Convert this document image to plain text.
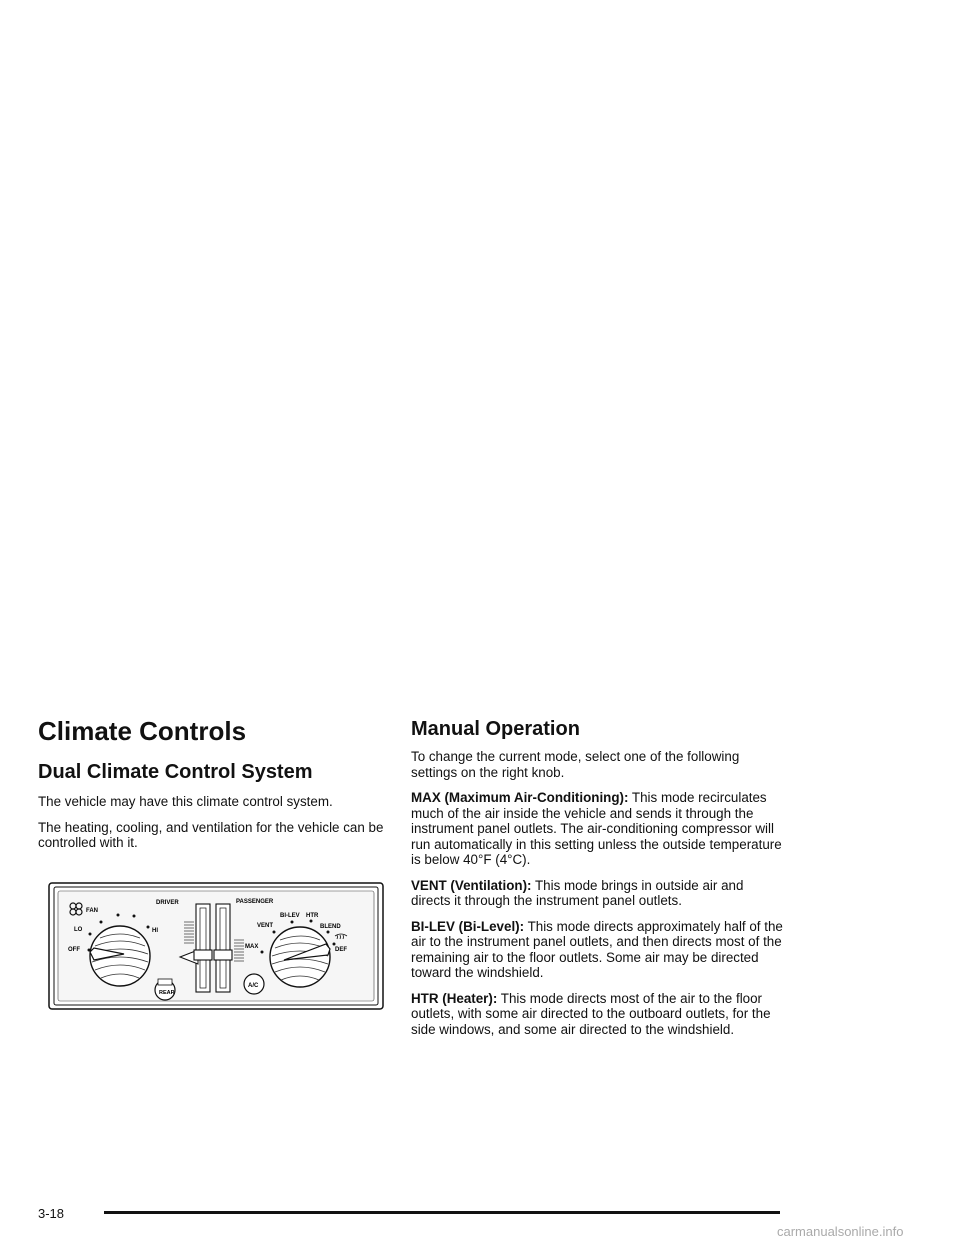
Climate Controls
Dual Climate Control System

The vehicle may have this climate control system.

The heating, cooling, and ventilation for the vehicle can be controlled with it.

FAN
LO
OFF
HI
REAR
DRIVER	PASSENGER
A/C
VENT
BI-LEV HTR
BLEND
MAX	DEF
Manual Operation

To change the current mode, select one of the following settings on the right knob.

MAX (Maximum Air-Conditioning): This mode recirculates much of the air inside the vehicle and sends it through the instrument panel outlets. The air-conditioning compressor will run automatically in this setting unless the outside temperature is below 40°F (4°C).

VENT (Ventilation): This mode brings in outside air and directs it through the instrument panel outlets.

BI-LEV (Bi-Level): This mode directs approximately half of the air to the instrument panel outlets, and then directs most of the remaining air to the floor outlets. Some air may be directed toward the windshield.

HTR (Heater): This mode directs most of the air to the floor outlets, with some air directed to the outboard outlets, for the side windows, and some air directed to the windshield.

3-18
carmanualsonline.info
